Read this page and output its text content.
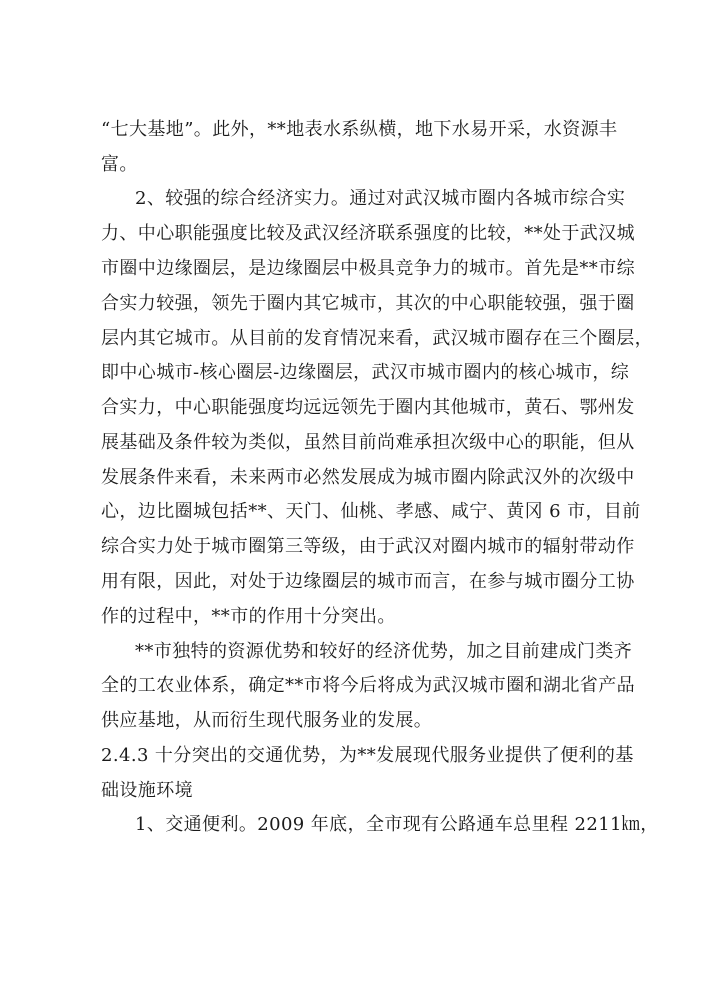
“七大基地”。此外，**地表水系纵横，地下水易开采，水资源丰
富。
2、较强的综合经济实力。通过对武汉城市圈内各城市综合实
力、中心职能强度比较及武汉经济联系强度的比较，**处于武汉城
市圈中边缘圈层，是边缘圈层中极具竞争力的城市。首先是**市综
合实力较强，领先于圈内其它城市，其次的中心职能较强，强于圈
层内其它城市。从目前的发育情况来看，武汉城市圈存在三个圈层，
即中心城市-核心圈层-边缘圈层，武汉市城市圈内的核心城市，综
合实力，中心职能强度均远远领先于圈内其他城市，黄石、鄂州发
展基础及条件较为类似，虽然目前尚难承担次级中心的职能，但从
发展条件来看，未来两市必然发展成为城市圈内除武汉外的次级中
心，边比圈城包括**、天门、仙桃、孝感、咸宁、黄冈 6 市，目前
综合实力处于城市圈第三等级，由于武汉对圈内城市的辐射带动作
用有限，因此，对处于边缘圈层的城市而言，在参与城市圈分工协
作的过程中，**市的作用十分突出。
**市独特的资源优势和较好的经济优势，加之目前建成门类齐
全的工农业体系，确定**市将今后将成为武汉城市圈和湖北省产品
供应基地，从而衍生现代服务业的发展。
2.4.3 十分突出的交通优势，为**发展现代服务业提供了便利的基
础设施环境
1、交通便利。2009 年底，全市现有公路通车总里程 2211㎞，
